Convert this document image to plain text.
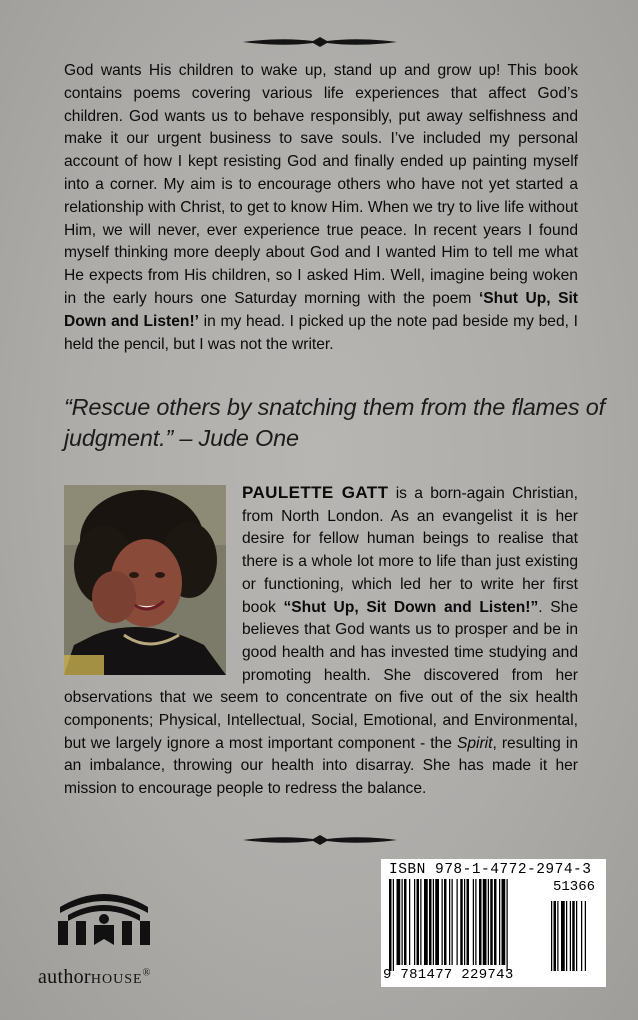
God wants His children to wake up, stand up and grow up! This book contains poems covering various life experiences that affect God’s children. God wants us to behave responsibly, put away selfishness and make it our urgent business to save souls. I’ve included my personal account of how I kept resisting God and finally ended up painting myself into a corner. My aim is to encourage others who have not yet started a relationship with Christ, to get to know Him. When we try to live life without Him, we will never, ever experience true peace. In recent years I found myself thinking more deeply about God and I wanted Him to tell me what He expects from His children, so I asked Him. Well, imagine being woken in the early hours one Saturday morning with the poem ‘Shut Up, Sit Down and Listen!’ in my head. I picked up the note pad beside my bed, I held the pencil, but I was not the writer.

“Rescue others by snatching them from the flames of judgment.” – Jude One

PAULETTE GATT is a born-again Christian, from North London. As an evangelist it is her desire for fellow human beings to realise that there is a whole lot more to life than just existing or functioning, which led her to write her first book “Shut Up, Sit Down and Listen!”. She believes that God wants us to prosper and be in good health and has invested time studying and promoting health. She discovered from her observations that we seem to concentrate on five out of the six health components; Physical, Intellectual, Social, Emotional, and Environmental, but we largely ignore a most important component - the Spirit, resulting in an imbalance, throwing our health into disarray. She has made it her mission to encourage people to redress the balance.
authorHOUSE®
ISBN 978-1-4772-2974-3
51366
9 781477 229743
